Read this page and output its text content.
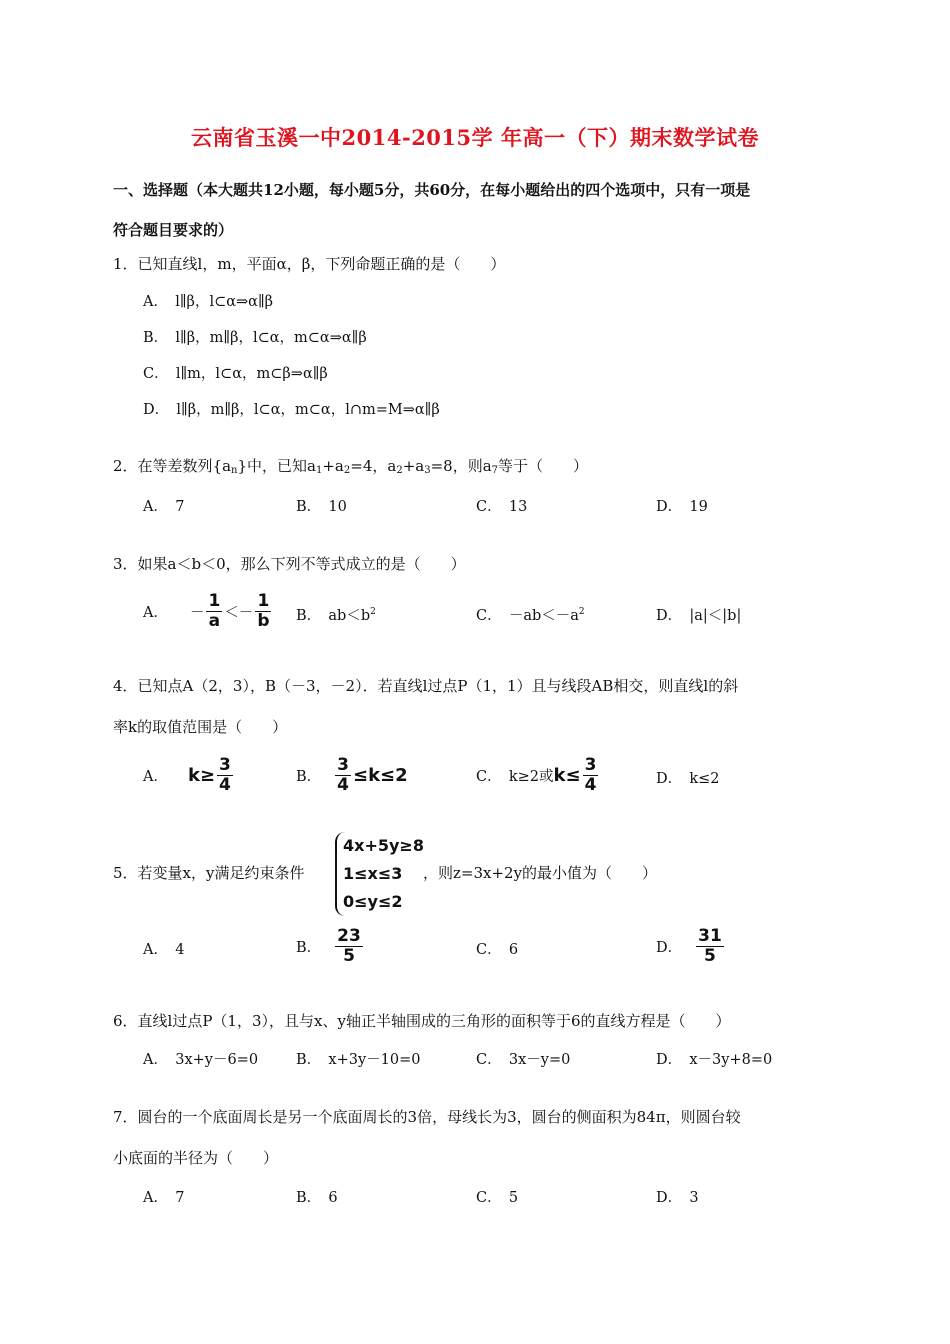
云南省玉溪一中2014-2015学 年高一（下）期末数学试卷
一、选择题（本大题共12小题，每小题5分，共60分，在每小题给出的四个选项中，只有一项是
符合题目要求的）
1．已知直线l，m，平面α，β，下列命题正确的是（　　）
A．　l∥β，l⊂α⇒α∥β
B．　l∥β，m∥β，l⊂α，m⊂α⇒α∥β
C．　l∥m，l⊂α，m⊂β⇒α∥β
D．　l∥β，m∥β，l⊂α，m⊂α，l∩m=M⇒α∥β
2．在等差数列{an}中，已知a1+a2=4，a2+a3=8，则a7等于（　　）
A．　7	B．　10	C．　13	D．　19
3．如果a＜b＜0，那么下列不等式成立的是（　　）
A． － $\frac{1}{a} <- \frac{1}{b}$ B．　$ab<b^2$	C．　$-ab<-a^2$	D．　|a|＜|b|
4．已知点A（2，3），B（－3，－2）．若直线l过点P（1，1）且与线段AB相交，则直线l的斜
率k的取值范围是（　　）
A． $k\ge \frac{3}{4}$	B． $\frac{3}{4} \le k\le 2$	C．　k≥2或 $k\le \frac{3}{4}$	D．　k≤2
5．若变量x，y满足约束条件
4x+5y≥8
1≤x≤3
0≤y≤2
，则z=3x+2y的最小值为（　　）
A．　4	B． $\frac{23}{5}$	C．　6	D． $\frac{31}{5}$
6．直线l过点P（1，3），且与x、y轴正半轴围成的三角形的面积等于6的直线方程是（　　）
A．　3x+y－6=0	B．　x+3y－10=0	C．　3x－y=0	D．　x－3y+8=0
7．圆台的一个底面周长是另一个底面周长的3倍，母线长为3，圆台的侧面积为84π，则圆台较
小底面的半径为（　　）
A．　7	B．　6	C．　5	D．　3
